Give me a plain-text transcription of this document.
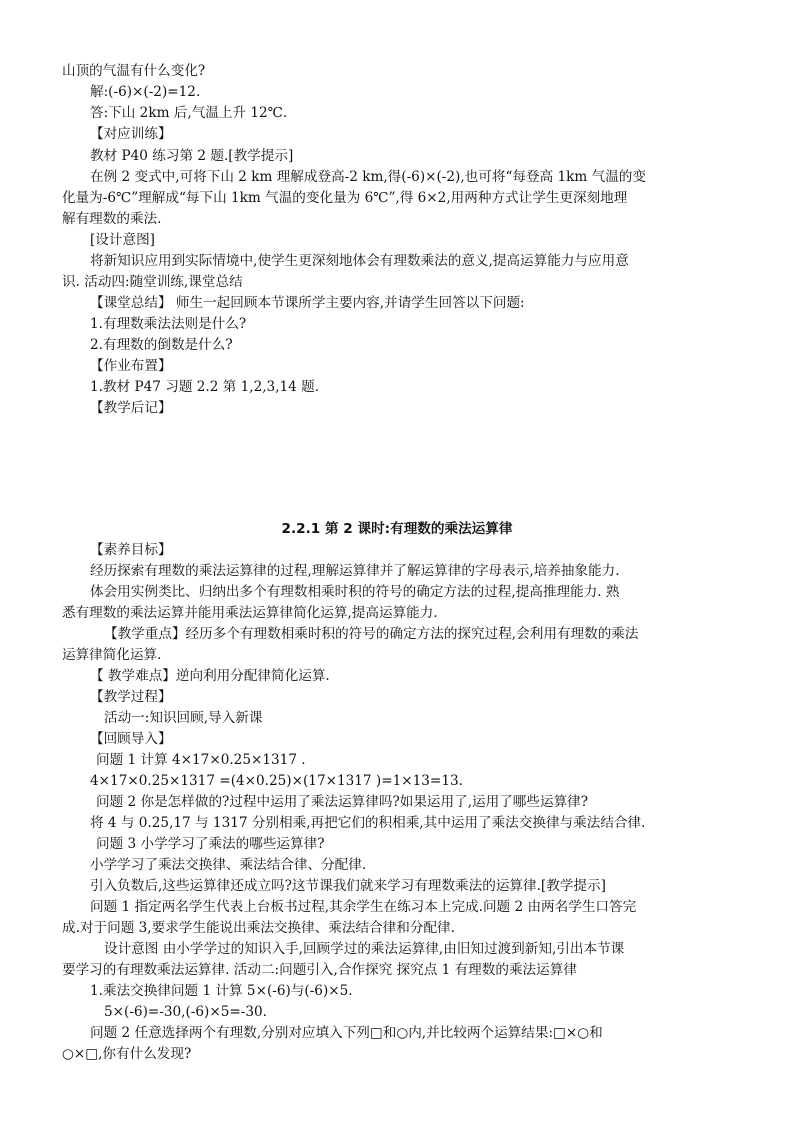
山顶的气温有什么变化?
解:(-6)×(-2)=12.
答:下山 2km 后,气温上升 12℃.
【对应训练】
教材 P40 练习第 2 题.[教学提示]
在例 2 变式中,可将下山 2 km 理解成登高-2 km,得(-6)×(-2),也可将“每登高 1km 气温的变
化量为-6℃”理解成“每下山 1km 气温的变化量为 6℃”,得 6×2,用两种方式让学生更深刻地理
解有理数的乘法.
[设计意图]
将新知识应用到实际情境中,使学生更深刻地体会有理数乘法的意义,提高运算能力与应用意
识. 活动四:随堂训练,课堂总结
【课堂总结】 师生一起回顾本节课所学主要内容,并请学生回答以下问题:
1.有理数乘法法则是什么?
2.有理数的倒数是什么?
【作业布置】
1.教材 P47 习题 2.2 第 1,2,3,14 题.
【教学后记】
2.2.1 第 2 课时:有理数的乘法运算律
【素养目标】
经历探索有理数的乘法运算律的过程,理解运算律并了解运算律的字母表示,培养抽象能力.
体会用实例类比、归纳出多个有理数相乘时积的符号的确定方法的过程,提高推理能力. 熟
悉有理数的乘法运算并能用乘法运算律简化运算,提高运算能力.
【教学重点】经历多个有理数相乘时积的符号的确定方法的探究过程,会利用有理数的乘法
运算律简化运算.
【 教学难点】逆向利用分配律简化运算.
【教学过程】
活动一:知识回顾,导入新课
【回顾导入】
问题 1 计算 4×17×0.25×1317 .
4×17×0.25×1317 =(4×0.25)×(17×1317 )=1×13=13.
问题 2 你是怎样做的?过程中运用了乘法运算律吗?如果运用了,运用了哪些运算律?
将 4 与 0.25,17 与 1317 分别相乘,再把它们的积相乘,其中运用了乘法交换律与乘法结合律.
问题 3 小学学习了乘法的哪些运算律?
小学学习了乘法交换律、乘法结合律、分配律.
引入负数后,这些运算律还成立吗?这节课我们就来学习有理数乘法的运算律.[教学提示]
问题 1 指定两名学生代表上台板书过程,其余学生在练习本上完成.问题 2 由两名学生口答完
成.对于问题 3,要求学生能说出乘法交换律、乘法结合律和分配律.
设计意图 由小学学过的知识入手,回顾学过的乘法运算律,由旧知过渡到新知,引出本节课
要学习的有理数乘法运算律. 活动二:问题引入,合作探究 探究点 1 有理数的乘法运算律
1.乘法交换律问题 1 计算 5×(-6)与(-6)×5.
5×(-6)=-30,(-6)×5=-30.
问题 2 任意选择两个有理数,分别对应填入下列□和○内,并比较两个运算结果:□×○和
○×□,你有什么发现?
